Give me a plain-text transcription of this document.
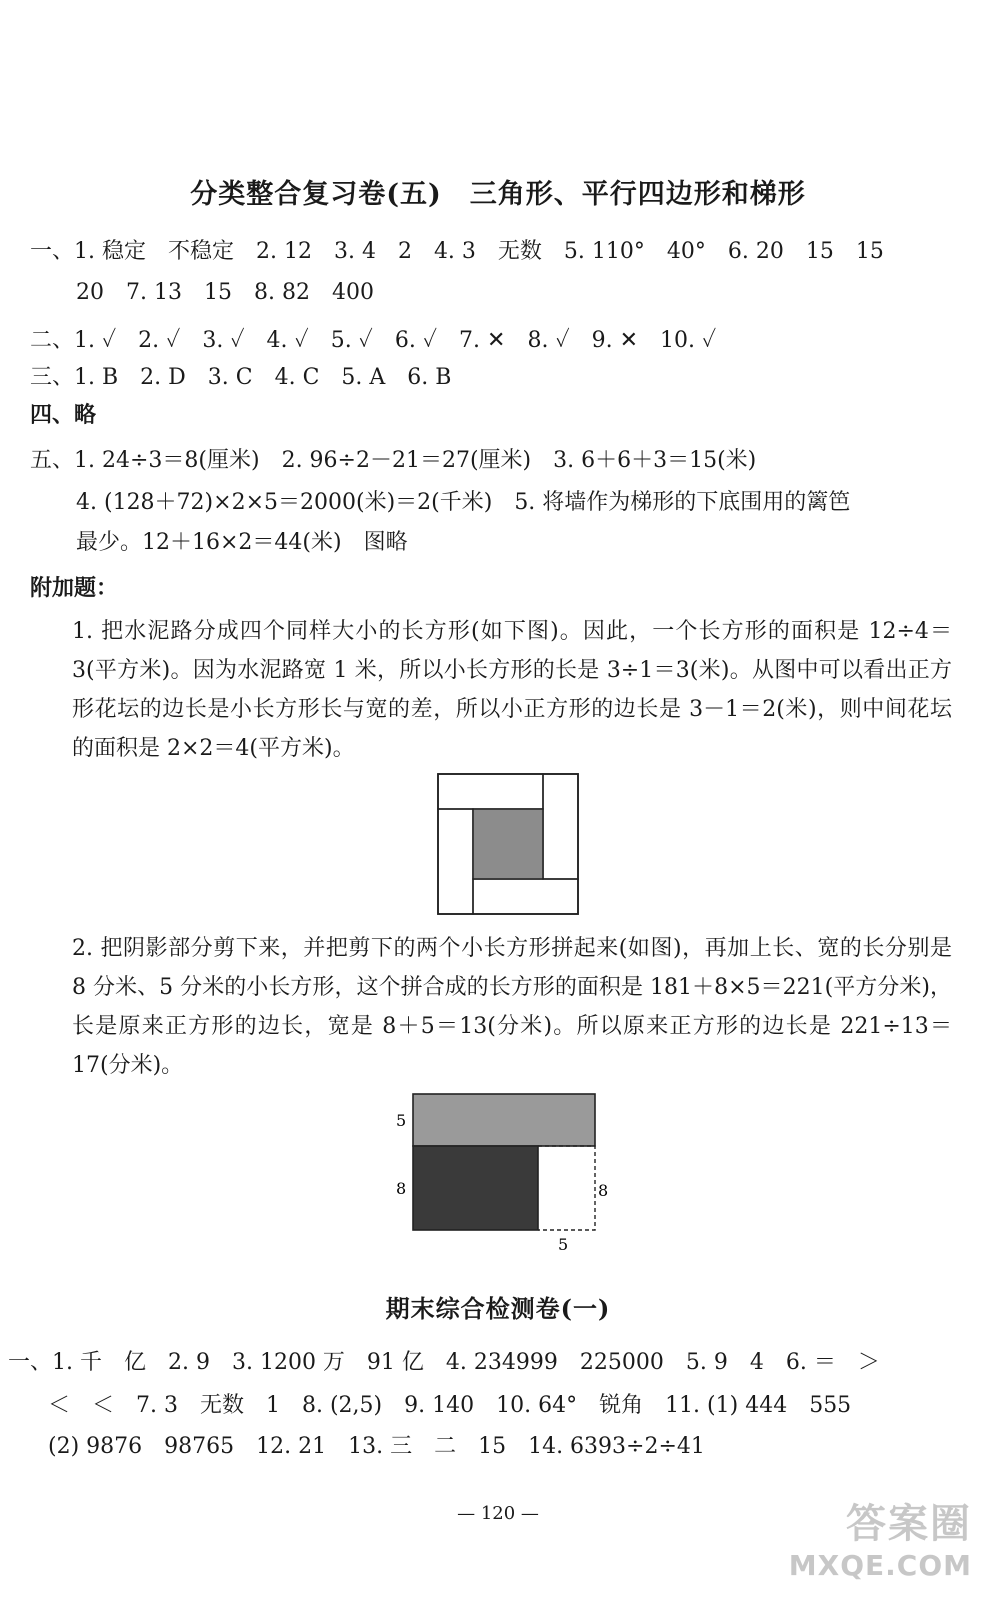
分类整合复习卷(五)　三角形、平行四边形和梯形
一、1. 稳定　不稳定　2. 12　3. 4　2　4. 3　无数　5. 110°　40°　6. 20　15　15
20　7. 13　15　8. 82　400
二、1. ✓　2. ✓　3. ✓　4. ✓　5. ✓　6. ✓　7. ✕　8. ✓　9. ✕　10. ✓
三、1. B　2. D　3. C　4. C　5. A　6. B
四、略
五、1. 24÷3＝8(厘米)　2. 96÷2－21＝27(厘米)　3. 6＋6＋3＝15(米)
4. (128＋72)×2×5＝2000(米)＝2(千米)　5. 将墙作为梯形的下底围用的篱笆
最少。12＋16×2＝44(米)　图略
附加题：
1. 把水泥路分成四个同样大小的长方形(如下图)。因此，一个长方形的面积是 12÷4＝3(平方米)。因为水泥路宽 1 米，所以小长方形的长是 3÷1＝3(米)。从图中可以看出正方形花坛的边长是小长方形长与宽的差，所以小正方形的边长是 3－1＝2(米)，则中间花坛的面积是 2×2＝4(平方米)。
2. 把阴影部分剪下来，并把剪下的两个小长方形拼起来(如图)，再加上长、宽的长分别是 8 分米、5 分米的小长方形，这个拼合成的长方形的面积是 181＋8×5＝221(平方分米)，长是原来正方形的边长，宽是 8＋5＝13(分米)。所以原来正方形的边长是 221÷13＝17(分米)。
5
8	8
5
期末综合检测卷(一)
一、1. 千　亿　2. 9　3. 1200 万　91 亿　4. 234999　225000　5. 9　4　6. ＝　＞
＜　＜　7. 3　无数　1　8. (2,5)　9. 140　10. 64°　锐角　11. (1) 444　555
(2) 9876　98765　12. 21　13. 三　二　15　14. 6393÷2÷41
— 120 —	答案圈
MXQE.COM
